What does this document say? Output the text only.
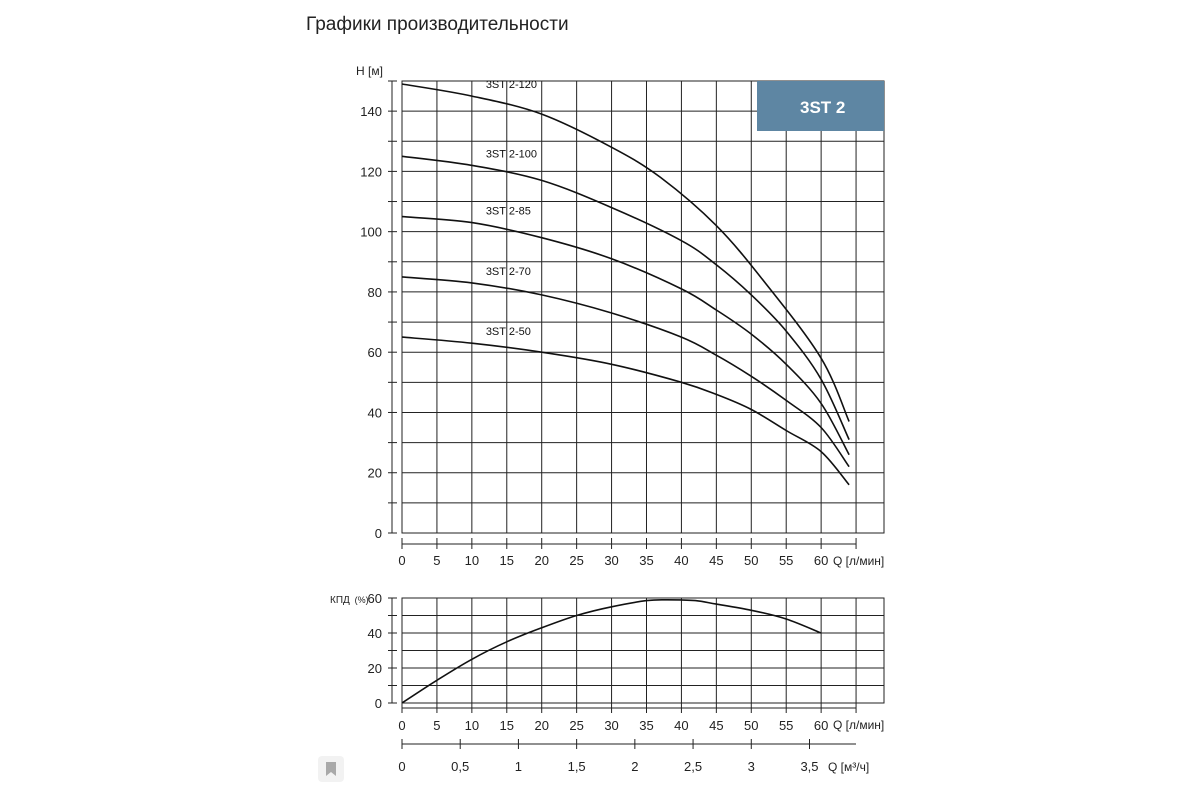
Графики производительности
3ST 2-120
3ST 2-100
3ST 2-85
3ST 2-70
3ST 2-50
0
20
40
60
80
100
120
140
0 5 10 15 20 25 30 35 40 45 50 55 60
H [м]
Q [л/мин]
3ST 2
0
20
40
60
0 5 10 15 20 25 30 35 40 45 50 55 60
КПД (%)
Q [л/мин]
0	0,5	1	1,5	2	2,5	3	3,5 Q [м³/ч]
